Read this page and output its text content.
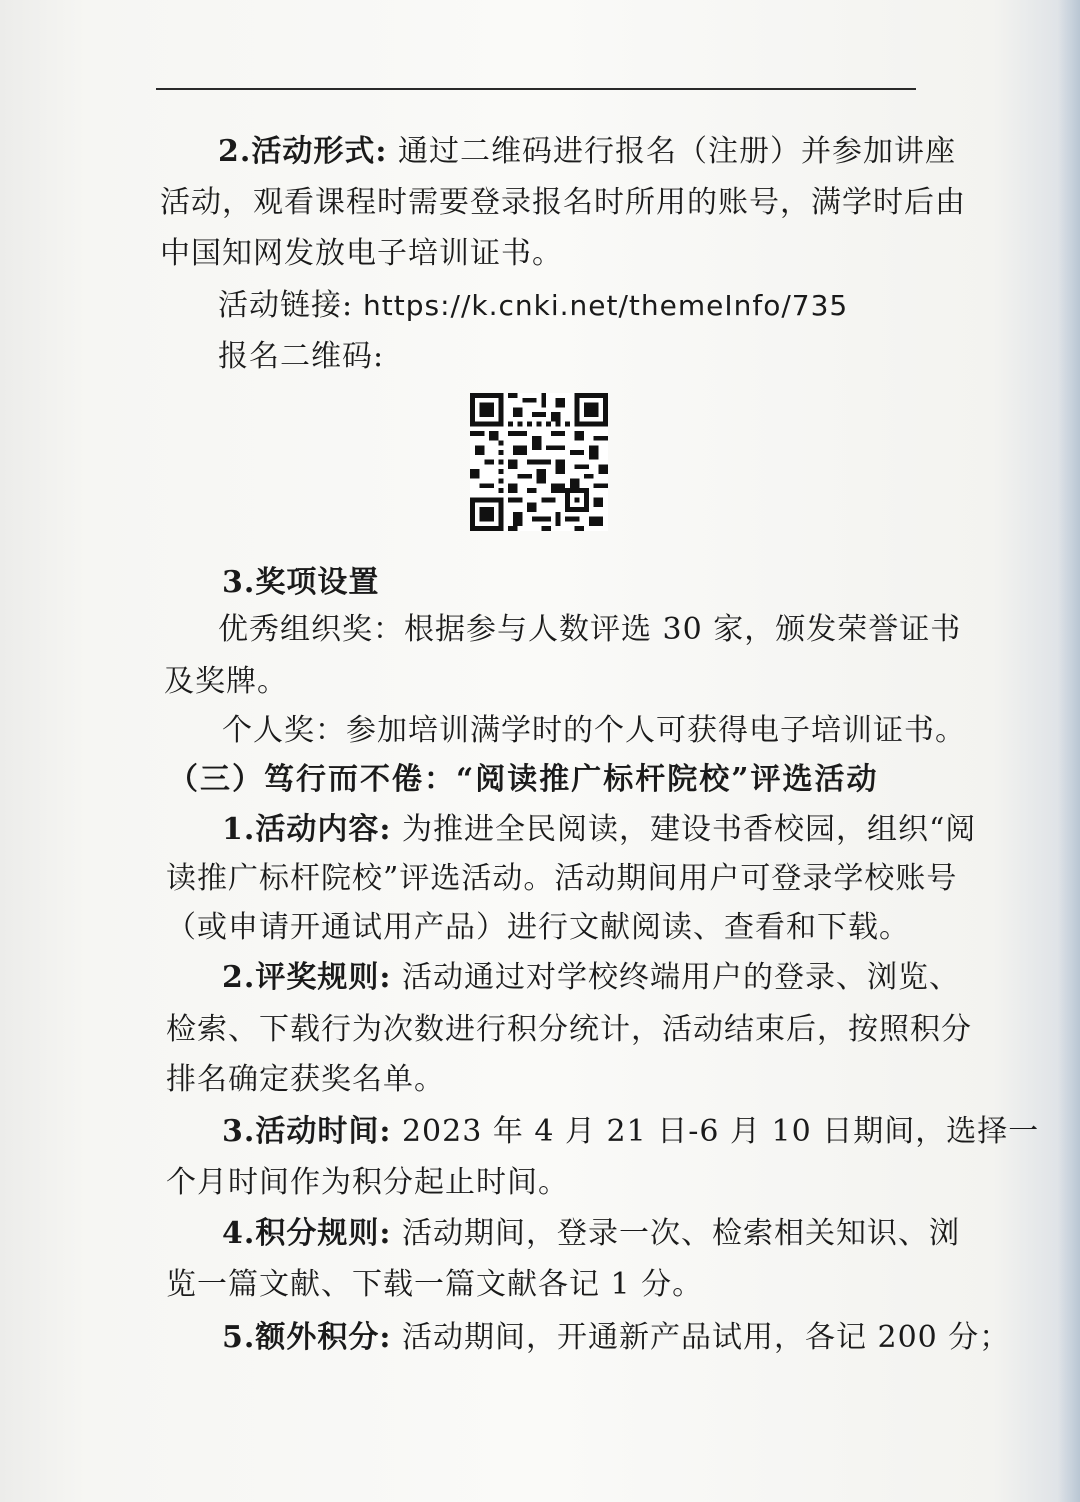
2.活动形式: 通过二维码进行报名（注册）并参加讲座
活动，观看课程时需要登录报名时所用的账号，满学时后由
中国知网发放电子培训证书。
活动链接: https://k.cnki.net/themeInfo/735
报名二维码:
3.奖项设置
优秀组织奖：根据参与人数评选 30 家，颁发荣誉证书
及奖牌。
个人奖：参加培训满学时的个人可获得电子培训证书。
（三）笃行而不倦：“阅读推广标杆院校”评选活动
1.活动内容: 为推进全民阅读，建设书香校园，组织“阅
读推广标杆院校”评选活动。活动期间用户可登录学校账号
（或申请开通试用产品）进行文献阅读、查看和下载。
2.评奖规则: 活动通过对学校终端用户的登录、浏览、
检索、下载行为次数进行积分统计，活动结束后，按照积分
排名确定获奖名单。
3.活动时间: 2023 年 4 月 21 日-6 月 10 日期间，选择一
个月时间作为积分起止时间。
4.积分规则: 活动期间，登录一次、检索相关知识、浏
览一篇文献、下载一篇文献各记 1 分。
5.额外积分: 活动期间，开通新产品试用，各记 200 分；
